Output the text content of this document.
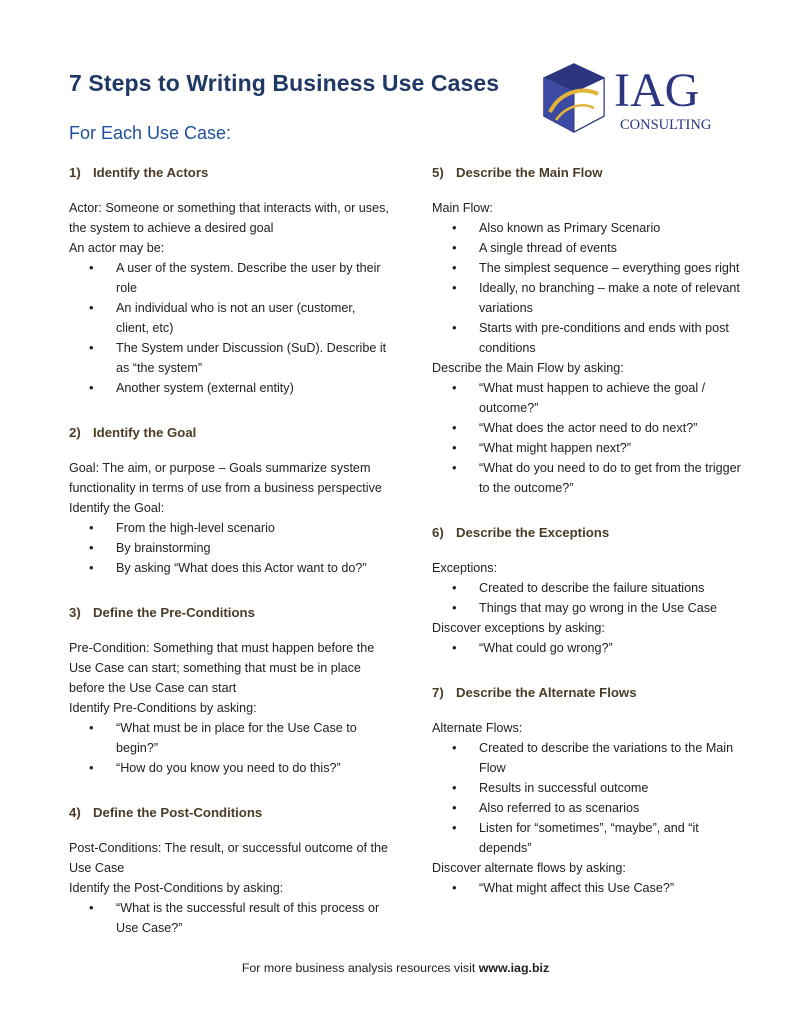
7 Steps to Writing Business Use Cases
For Each Use Case:
IAG
CONSULTING
1) Identify the Actors

Actor: Someone or something that interacts with, or uses, the system to achieve a desired goal

An actor may be:

• A user of the system. Describe the user by their role
• An individual who is not an user (customer, client, etc)
• The System under Discussion (SuD). Describe it as “the system”
• Another system (external entity)
2) Identify the Goal

Goal: The aim, or purpose – Goals summarize system functionality in terms of use from a business perspective

Identify the Goal:

• From the high-level scenario
• By brainstorming
• By asking “What does this Actor want to do?”
3) Define the Pre-Conditions

Pre-Condition: Something that must happen before the Use Case can start; something that must be in place before the Use Case can start

Identify Pre-Conditions by asking:

• “What must be in place for the Use Case to begin?”
• “How do you know you need to do this?”
4) Define the Post-Conditions

Post-Conditions: The result, or successful outcome of the Use Case

Identify the Post-Conditions by asking:

• “What is the successful result of this process or Use Case?”
5) Describe the Main Flow

Main Flow:

• Also known as Primary Scenario
• A single thread of events
• The simplest sequence – everything goes right
• Ideally, no branching – make a note of relevant variations
• Starts with pre-conditions and ends with post conditions

Describe the Main Flow by asking:

• “What must happen to achieve the goal / outcome?”
• “What does the actor need to do next?”
• “What might happen next?”
• “What do you need to do to get from the trigger to the outcome?”
6) Describe the Exceptions

Exceptions:

• Created to describe the failure situations
• Things that may go wrong in the Use Case

Discover exceptions by asking:

• “What could go wrong?”
7) Describe the Alternate Flows

Alternate Flows:

• Created to describe the variations to the Main Flow
• Results in successful outcome
• Also referred to as scenarios
• Listen for “sometimes”, “maybe”, and “it depends”

Discover alternate flows by asking:

• “What might affect this Use Case?”
For more business analysis resources visit www.iag.biz
